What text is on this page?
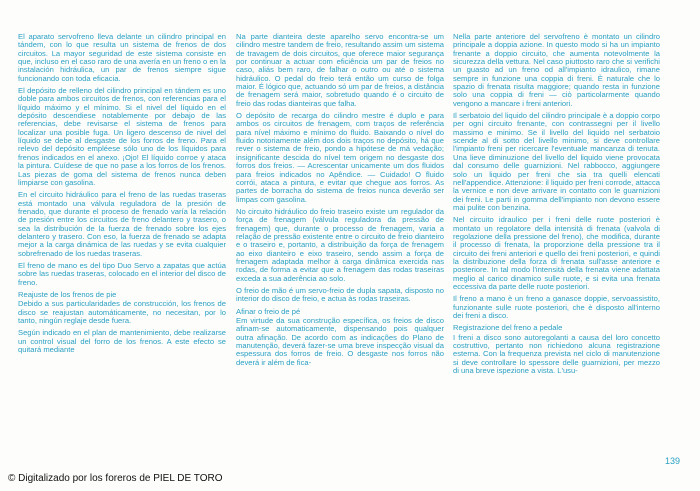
El aparato servofreno lleva delante un cilindro principal en tándem, con lo que resulta un sistema de frenos de dos circuitos. La mayor seguridad de este sistema consiste en que, incluso en el caso raro de una avería en un freno o en la instalación hidráulica, un par de frenos siempre sigue funcionando con toda eficacia.

El depósito de relleno del cilindro principal en tándem es uno doble para ambos circuitos de frenos, con referencias para el líquido máximo y el mínimo. Si el nivel del líquido en el depósito descendiese notablemente por debajo de las referencias, debe revisarse el sistema de frenos para localizar una posible fuga. Un ligero descenso de nivel del líquido se debe al desgaste de los forros de freno. Para el relevo del depósito empléese sólo uno de los líquidos para frenos indicados en el anexo. ¡Ojo! El líquido corroe y ataca la pintura. Cuídese de que no pase a los forros de los frenos. Las piezas de goma del sistema de frenos nunca deben limpiarse con gasolina.

En el circuito hidráulico para el freno de las ruedas traseras está montado una válvula reguladora de la presión de frenado, que durante el proceso de frenado varía la relación de presión entre los circuitos de freno delantero y trasero, o sea la distribución de la fuerza de frenado sobre los ejes delantero y trasero. Con eso, la fuerza de frenado se adapta mejor a la carga dinámica de las ruedas y se evita cualquier sobrefrenado de los ruedas traseras.

El freno de mano es del tipo Duo Servo a zapatas que actúa sobre las ruedas traseras, colocado en el interior del disco de freno.

Reajuste de los frenos de pie

Debido a sus particularidades de construcción, los frenos de disco se reajustan automáticamente, no necesitan, por lo tanto, ningún reglaje desde fuera.

Según indicado en el plan de mantenimiento, debe realizarse un control visual del forro de los frenos. A este efecto se quitará mediante

Na parte dianteira deste aparelho servo encontra-se um cilindro mestre tandem de freio, resultando assim um sistema de travagem de dois circuitos, que oferece maior segurança por continuar a actuar com eficiência um par de freios no caso, aliás bem raro, de falhar o outro ou até o sistema hidráulico. O pedal do freio terá então um curso de folga maior. É lógico que, actuando só um par de freios, a distância de frenagem será maior, sobretudo quando é o circuito de freio das rodas dianteiras que falha.

O depósito de recarga do cilindro mestre é duplo e para ambos os circuitos de frenagem, com traços de referência para nível máximo e mínimo do fluido. Baixando o nível do fluido notoriamente além dos dois traços no depósito, há que rever o sistema de freio, pondo a hipótese de má vedação; insignificante descida do nível tem origem no desgaste dos forros dos freios. — Acrescentar unicamente um dos fluidos para freios indicados no Apêndice. — Cuidado! O fluido corrói, ataca a pintura, e evitar que chegue aos forros. As partes de borracha do sistema de freios nunca deverão ser limpas com gasolina.

No circuito hidráulico do freio traseiro existe um regulador da força de frenagem (válvula reguladora da pressão de frenagem) que, durante o processo de frenagem, varia a relação de pressão existente entre o circuito de freio dianteiro e o traseiro e, portanto, a distribuição da força de frenagem ao eixo dianteiro e eixo traseiro, sendo assim a força de frenagem adaptada melhor à carga dinâmica exercida nas rodas, de forma a evitar que a frenagem das rodas traseiras exceda a sua aderência ao solo.

O freio de mão é um servo-freio de dupla sapata, disposto no interior do disco de freio, e actua às rodas traseiras.

Afinar o freio de pé

Em virtude da sua construção específica, os freios de disco afinam-se automaticamente, dispensando pois qualquer outra afinação. De acordo com as indicações do Plano de manutenção, deverá fazer-se uma breve inspecção visual da espessura dos forros de freio. O desgaste nos forros não deverá ir além de fica-

Nella parte anteriore del servofreno è montato un cilindro principale a doppia azione. In questo modo si ha un impianto frenante a doppio circuito, che aumenta notevolmente la sicurezza della vettura. Nel caso piuttosto raro che si verifichi un guasto ad un freno od all'impianto idraulico, rimane sempre in funzione una coppia di freni. È naturale che lo spazio di frenata risulta maggiore; quando resta in funzione solo una coppia di freni — ciò particolarmente quando vengono a mancare i freni anteriori.

Il serbatoio del liquido del cilindro principale è a doppio corpo per ogni circuito frenante, con contrassegni per il livello massimo e minimo. Se il livello del liquido nel serbatoio scende al di sotto del livello minimo, si deve controllare l'impianto freni per ricercare l'eventuale mancanza di tenuta. Una lieve diminuzione del livello del liquido viene provocata dal consumo delle guarnizioni. Nel rabbocco, aggiungere solo un liquido per freni che sia tra quelli elencati nell'appendice. Attenzione: il liquido per freni corrode, attacca la vernice e non deve arrivare in contatto con le guarnizioni dei freni. Le parti in gomma dell'impianto non devono essere mai pulite con benzina.

Nel circuito idraulico per i freni delle ruote posteriori è montato un regolatore della intensità di frenata (valvola di regolazione della pressione del freno), che modifica, durante il processo di frenata, la proporzione della pressione tra il circuito dei freni anteriori e quello dei freni posteriori, e quindi la distribuzione della forza di frenata sull'asse anteriore e posteriore. In tal modo l'intensità della frenata viene adattata meglio al carico dinamico sulle ruote, e si evita una frenata eccessiva da parte delle ruote posteriori.

Il freno a mano è un freno a ganasce doppie, servoassistito, funzionante sulle ruote posteriori, che è disposto all'interno dei freni a disco.

Registrazione del freno a pedale

I freni a disco sono autoregolanti a causa del loro concetto costruttivo, pertanto non richiedono alcuna registrazione esterna. Con la frequenza prevista nel ciclo di manutenzione si deve controllare lo spessore delle guarnizioni, per mezzo di una breve ispezione a vista. L'usu-

139
© Digitalizado por los foreros de PIEL DE TORO
